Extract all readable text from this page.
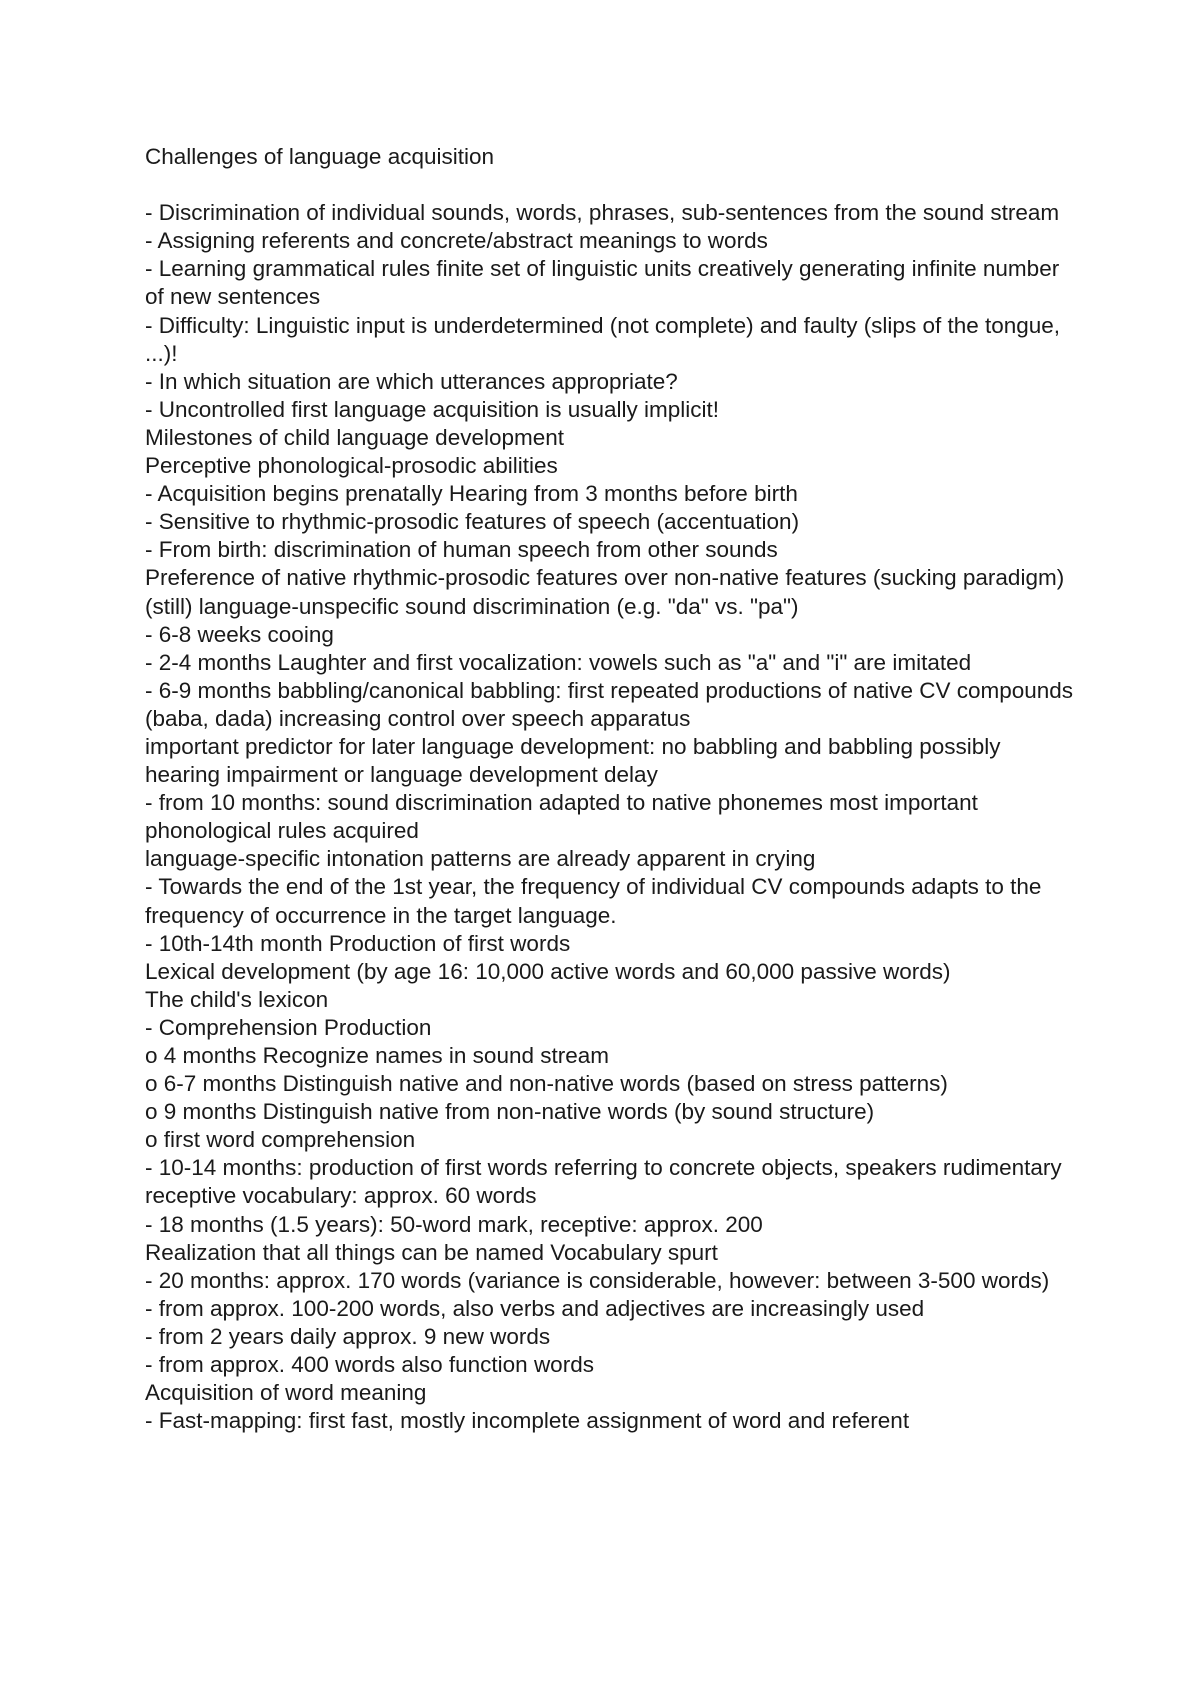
Challenges of language acquisition

- Discrimination of individual sounds, words, phrases, sub-sentences from the sound stream

- Assigning referents and concrete/abstract meanings to words

- Learning grammatical rules finite set of linguistic units creatively generating infinite number of new sentences

- Difficulty: Linguistic input is underdetermined (not complete) and faulty (slips of the tongue, ...)!

- In which situation are which utterances appropriate?

- Uncontrolled first language acquisition is usually implicit!

Milestones of child language development

Perceptive phonological-prosodic abilities

- Acquisition begins prenatally Hearing from 3 months before birth

- Sensitive to rhythmic-prosodic features of speech (accentuation)

- From birth: discrimination of human speech from other sounds

Preference of native rhythmic-prosodic features over non-native features (sucking paradigm)

(still) language-unspecific sound discrimination (e.g. "da" vs. "pa")

- 6-8 weeks cooing

- 2-4 months Laughter and first vocalization: vowels such as "a" and "i" are imitated

- 6-9 months babbling/canonical babbling: first repeated productions of native CV compounds (baba, dada) increasing control over speech apparatus

important predictor for later language development: no babbling and babbling possibly hearing impairment or language development delay

- from 10 months: sound discrimination adapted to native phonemes most important phonological rules acquired

language-specific intonation patterns are already apparent in crying

- Towards the end of the 1st year, the frequency of individual CV compounds adapts to the frequency of occurrence in the target language.

- 10th-14th month Production of first words

Lexical development (by age 16: 10,000 active words and 60,000 passive words)

The child's lexicon

- Comprehension Production

o 4 months Recognize names in sound stream

o 6-7 months Distinguish native and non-native words (based on stress patterns)

o 9 months Distinguish native from non-native words (by sound structure)

o first word comprehension

- 10-14 months: production of first words referring to concrete objects, speakers rudimentary receptive vocabulary: approx. 60 words

- 18 months (1.5 years): 50-word mark, receptive: approx. 200

Realization that all things can be named Vocabulary spurt

- 20 months: approx. 170 words (variance is considerable, however: between 3-500 words)

- from approx. 100-200 words, also verbs and adjectives are increasingly used

- from 2 years daily approx. 9 new words

- from approx. 400 words also function words

Acquisition of word meaning

- Fast-mapping: first fast, mostly incomplete assignment of word and referent
